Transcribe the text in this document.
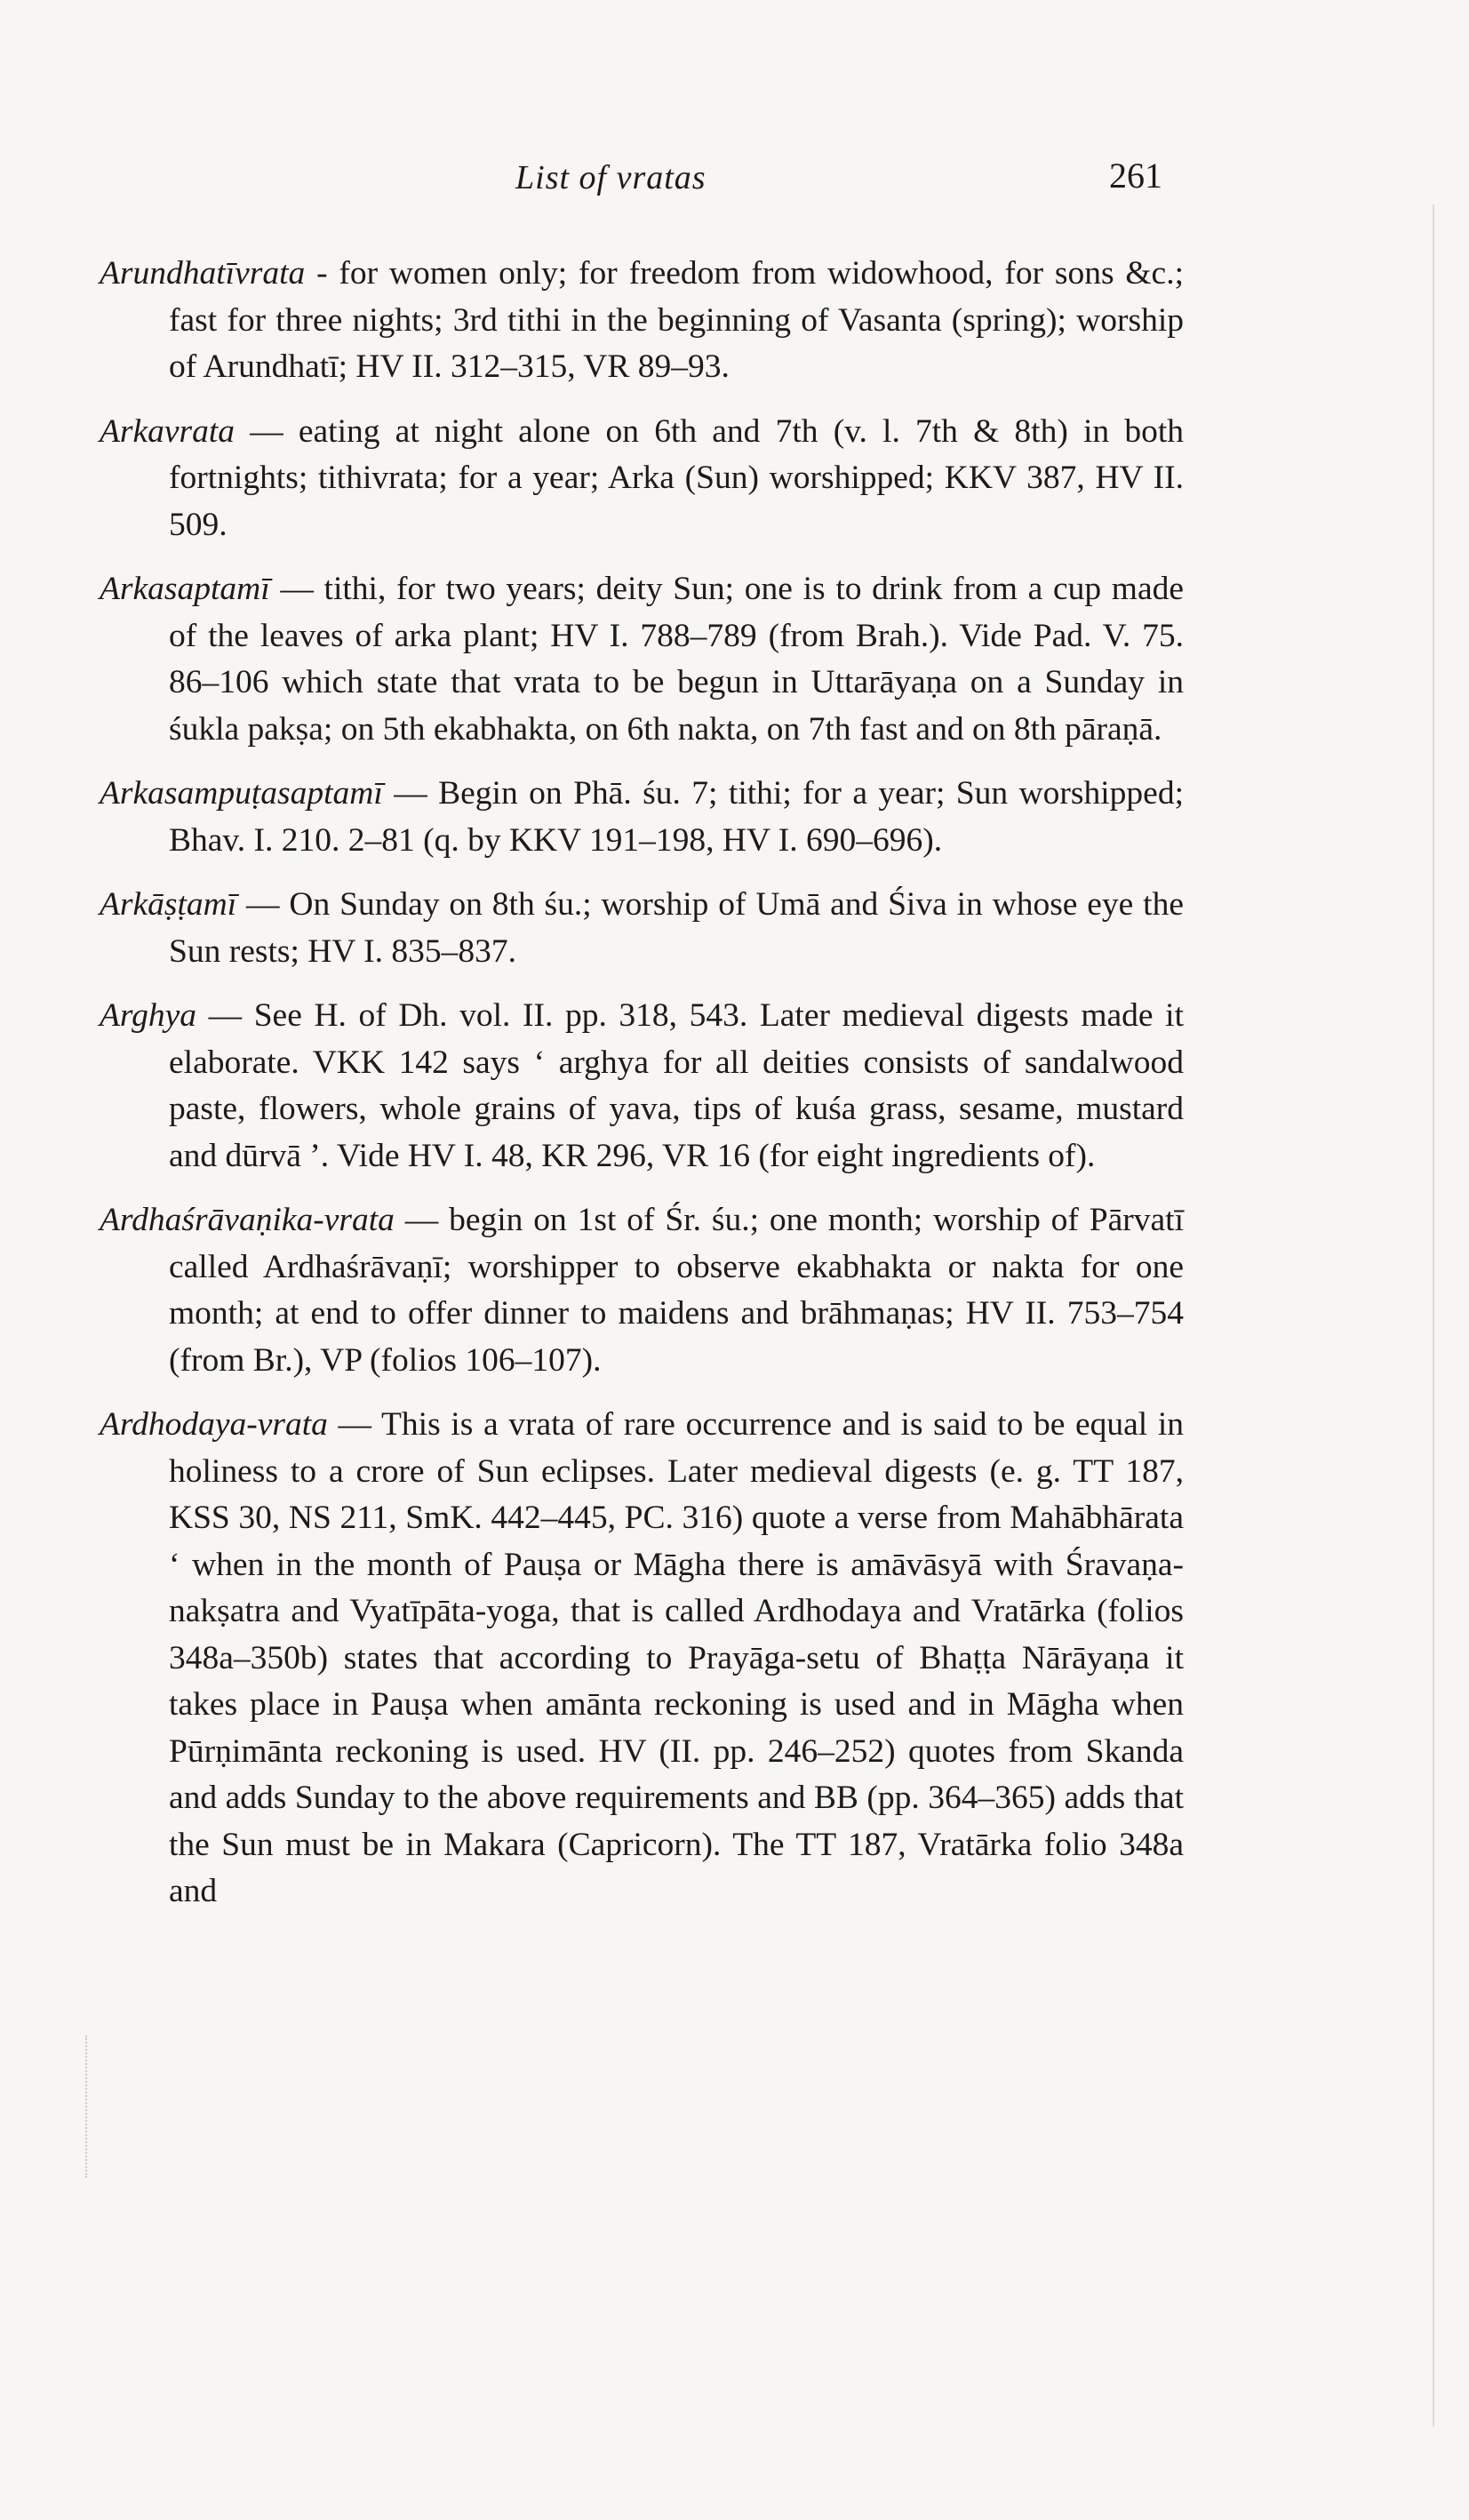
List of vratas	261

Arundhatīvrata - for women only; for freedom from widowhood, for sons &c.; fast for three nights; 3rd tithi in the beginning of Vasanta (spring); worship of Arundhatī; HV II. 312–315, VR 89–93.

Arkavrata — eating at night alone on 6th and 7th (v. l. 7th & 8th) in both fortnights; tithivrata; for a year; Arka (Sun) worshipped; KKV 387, HV II. 509.

Arkasaptamī — tithi, for two years; deity Sun; one is to drink from a cup made of the leaves of arka plant; HV I. 788–789 (from Brah.). Vide Pad. V. 75. 86–106 which state that vrata to be begun in Uttarāyaṇa on a Sunday in śukla pakṣa; on 5th ekabhakta, on 6th nakta, on 7th fast and on 8th pāraṇā.

Arkasampuṭasaptamī — Begin on Phā. śu. 7; tithi; for a year; Sun worshipped; Bhav. I. 210. 2–81 (q. by KKV 191–198, HV I. 690–696).

Arkāṣṭamī — On Sunday on 8th śu.; worship of Umā and Śiva in whose eye the Sun rests; HV I. 835–837.

Arghya — See H. of Dh. vol. II. pp. 318, 543. Later medieval digests made it elaborate. VKK 142 says ‘ arghya for all deities consists of sandalwood paste, flowers, whole grains of yava, tips of kuśa grass, sesame, mustard and dūrvā ’. Vide HV I. 48, KR 296, VR 16 (for eight ingredients of).

Ardhaśrāvaṇika-vrata — begin on 1st of Śr. śu.; one month; worship of Pārvatī called Ardhaśrāvaṇī; worshipper to observe ekabhakta or nakta for one month; at end to offer dinner to maidens and brāhmaṇas; HV II. 753–754 (from Br.), VP (folios 106–107).

Ardhodaya-vrata — This is a vrata of rare occurrence and is said to be equal in holiness to a crore of Sun eclipses. Later medieval digests (e. g. TT 187, KSS 30, NS 211, SmK. 442–445, PC. 316) quote a verse from Mahābhārata ‘ when in the month of Pauṣa or Māgha there is amāvāsyā with Śravaṇa-nakṣatra and Vyatīpāta-yoga, that is called Ardhodaya and Vratārka (folios 348a–350b) states that according to Prayāga-setu of Bhaṭṭa Nārāyaṇa it takes place in Pauṣa when amānta reckoning is used and in Māgha when Pūrṇimānta reckoning is used. HV (II. pp. 246–252) quotes from Skanda and adds Sunday to the above requirements and BB (pp. 364–365) adds that the Sun must be in Makara (Capricorn). The TT 187, Vratārka folio 348a and
